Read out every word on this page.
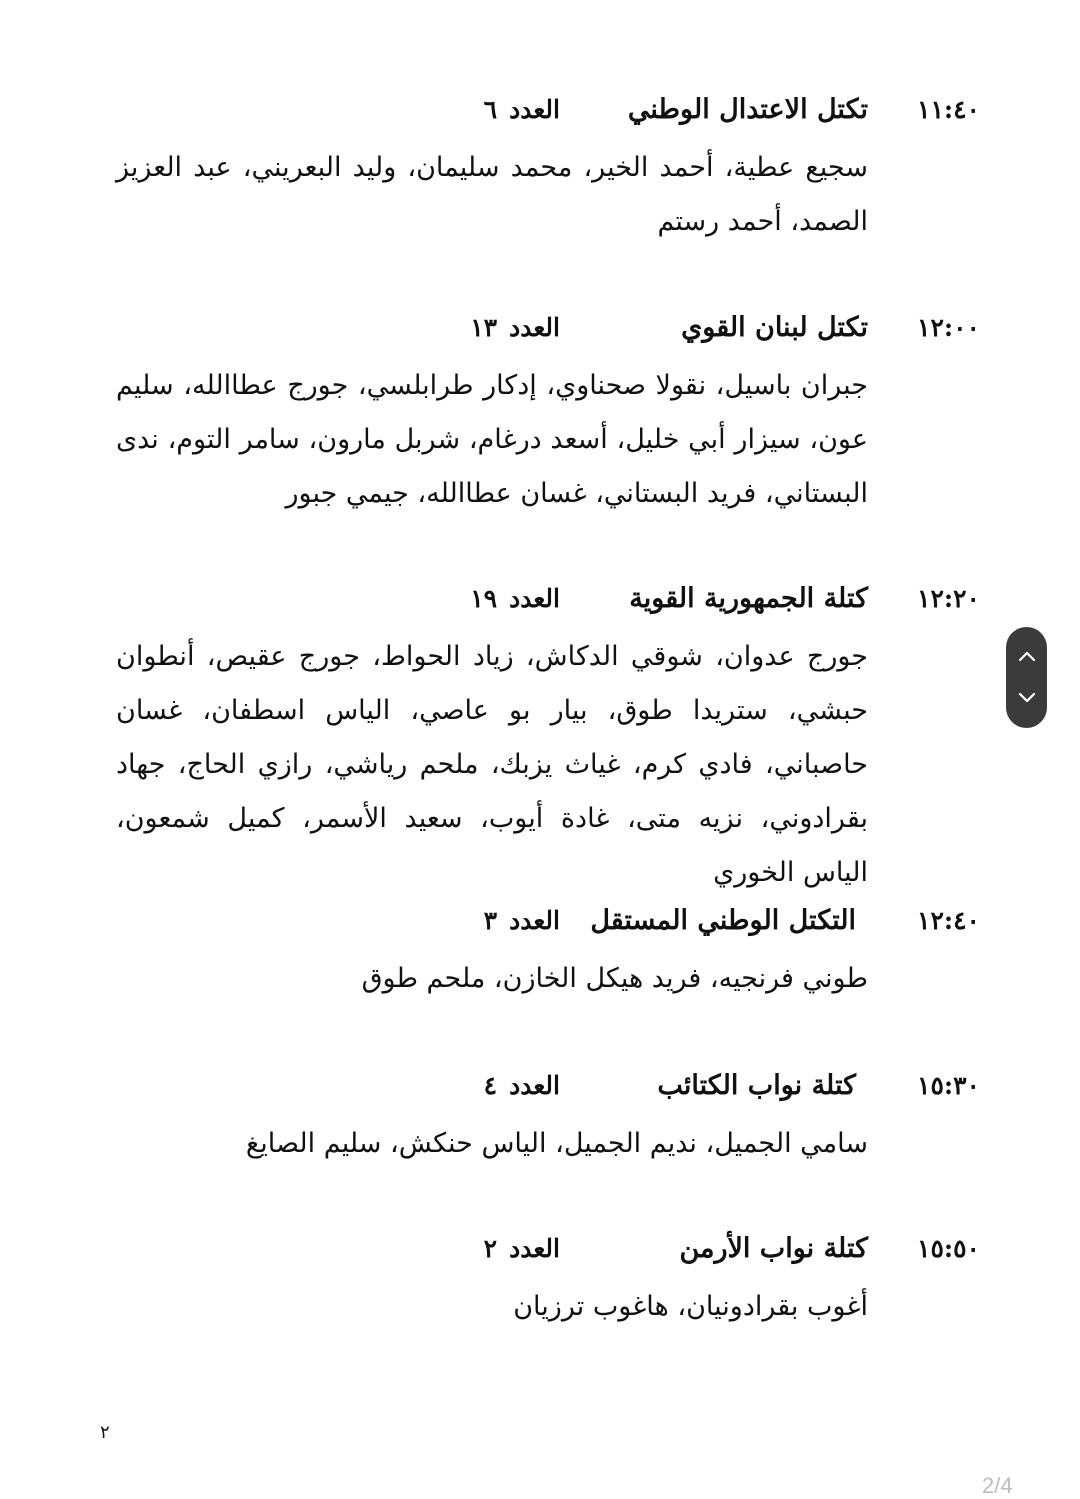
١١:٤٠
تكتل الاعتدال الوطني
العدد٦
سجيع عطية، أحمد الخير، محمد سليمان، وليد البعريني، عبد العزيز الصمد، أحمد رستم
١٢:٠٠
تكتل لبنان القوي
العدد١٣
جبران باسيل، نقولا صحناوي، إدكار طرابلسي، جورج عطاالله، سليم عون، سيزار أبي خليل، أسعد درغام، شربل مارون، سامر التوم، ندى البستاني، فريد البستاني، غسان عطاالله، جيمي جبور
١٢:٢٠
كتلة الجمهورية القوية
العدد١٩
جورج عدوان، شوقي الدكاش، زياد الحواط، جورج عقيص، أنطوان حبشي، ستريدا طوق، بيار بو عاصي، الياس اسطفان، غسان حاصباني، فادي كرم، غياث يزبك، ملحم رياشي، رازي الحاج، جهاد بقرادوني، نزيه متى، غادة أيوب، سعيد الأسمر، كميل شمعون، الياس الخوري
١٢:٤٠
التكتل الوطني المستقل
العدد٣
طوني فرنجيه، فريد هيكل الخازن، ملحم طوق
١٥:٣٠
كتلة نواب الكتائب
العدد٤
سامي الجميل، نديم الجميل، الياس حنكش، سليم الصايغ
١٥:٥٠
كتلة نواب الأرمن
العدد٢
أغوب بقرادونيان، هاغوب ترزيان
٢
2/4
